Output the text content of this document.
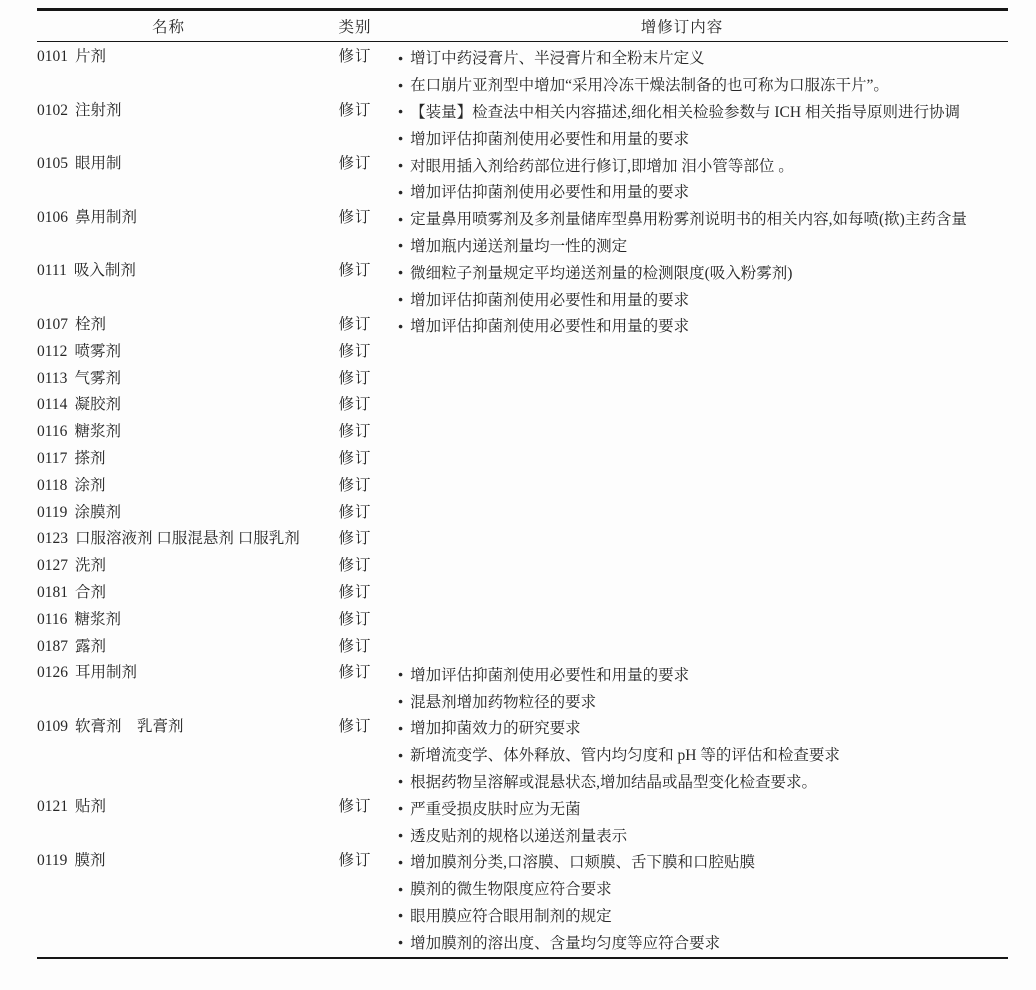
名称	类别	增修订内容
0101 片剂	修订	● 增订中药浸膏片、半浸膏片和全粉末片定义
● 在口崩片亚剂型中增加“采用冷冻干燥法制备的也可称为口服冻干片”。
0102 注射剂	修订	● 【装量】检查法中相关内容描述,细化相关检验参数与 ICH 相关指导原则进行协调
● 增加评估抑菌剂使用必要性和用量的要求
0105 眼用制	修订	● 对眼用插入剂给药部位进行修订,即增加 泪小管等部位 。
● 增加评估抑菌剂使用必要性和用量的要求
0106 鼻用制剂	修订	● 定量鼻用喷雾剂及多剂量储库型鼻用粉雾剂说明书的相关内容,如每喷(揿)主药含量
● 增加瓶内递送剂量均一性的测定
0111 吸入制剂	修订	● 微细粒子剂量规定平均递送剂量的检测限度(吸入粉雾剂)
● 增加评估抑菌剂使用必要性和用量的要求
0107 栓剂	修订	● 增加评估抑菌剂使用必要性和用量的要求
0112 喷雾剂	修订
0113 气雾剂	修订
0114 凝胶剂	修订
0116 糖浆剂	修订
0117 搽剂	修订
0118 涂剂	修订
0119 涂膜剂	修订
0123 口服溶液剂 口服混悬剂 口服乳剂	修订
0127 洗剂	修订
0181 合剂	修订
0116 糖浆剂	修订
0187 露剂	修订
0126 耳用制剂	修订	● 增加评估抑菌剂使用必要性和用量的要求
● 混悬剂增加药物粒径的要求
0109 软膏剂　乳膏剂	修订	● 增加抑菌效力的研究要求
● 新增流变学、体外释放、管内均匀度和 pH 等的评估和检查要求
● 根据药物呈溶解或混悬状态,增加结晶或晶型变化检查要求。
0121 贴剂	修订	● 严重受损皮肤时应为无菌
● 透皮贴剂的规格以递送剂量表示
0119 膜剂	修订	● 增加膜剂分类,口溶膜、口颊膜、舌下膜和口腔贴膜
● 膜剂的微生物限度应符合要求
● 眼用膜应符合眼用制剂的规定
● 增加膜剂的溶出度、含量均匀度等应符合要求
